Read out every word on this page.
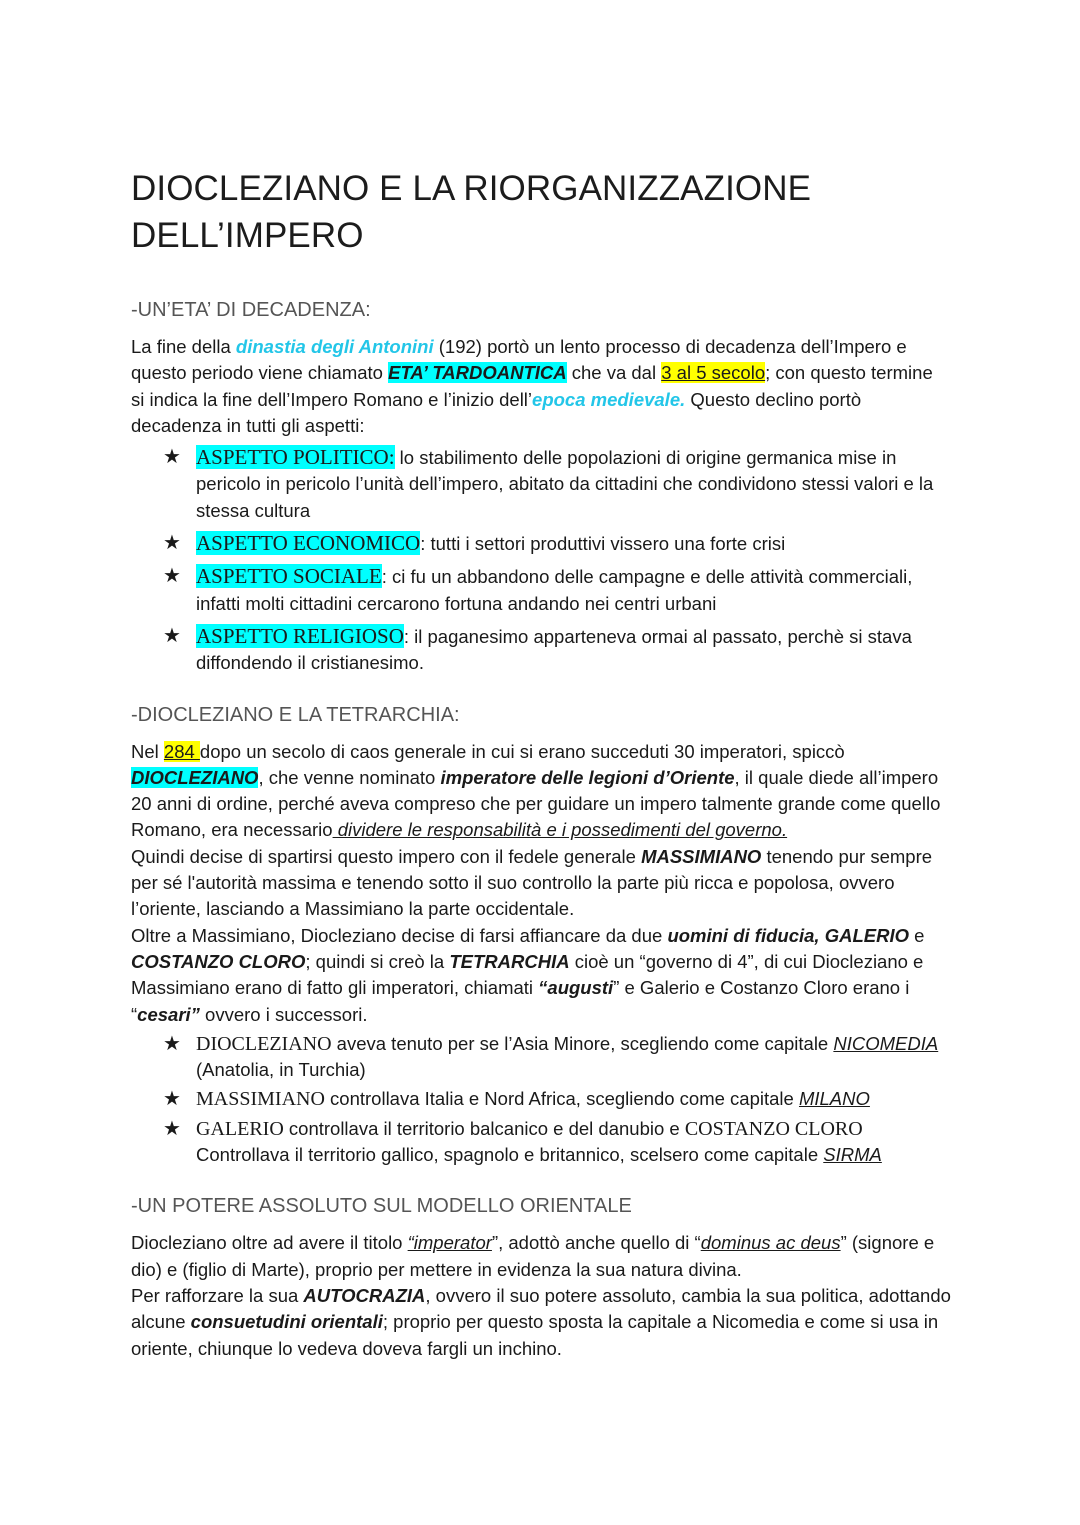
DIOCLEZIANO E LA RIORGANIZZAZIONE
DELL’IMPERO
-UN’ETA’ DI DECADENZA:

La fine della dinastia degli Antonini (192) portò un lento processo di decadenza dell’Impero e questo periodo viene chiamato ETA’ TARDOANTICA che va dal 3 al 5 secolo; con questo termine si indica la fine dell’Impero Romano e l’inizio dell’epoca medievale. Questo declino portò decadenza in tutti gli aspetti:

★ ASPETTO POLITICO: lo stabilimento delle popolazioni di origine germanica mise in pericolo in pericolo l’unità dell’impero, abitato da cittadini che condividono stessi valori e la stessa cultura
★ ASPETTO ECONOMICO: tutti i settori produttivi vissero una forte crisi
★ ASPETTO SOCIALE: ci fu un abbandono delle campagne e delle attività commerciali, infatti molti cittadini cercarono fortuna andando nei centri urbani
★ ASPETTO RELIGIOSO: il paganesimo apparteneva ormai al passato, perchè si stava diffondendo il cristianesimo.
-DIOCLEZIANO E LA TETRARCHIA:

Nel 284 dopo un secolo di caos generale in cui si erano succeduti 30 imperatori, spiccò DIOCLEZIANO, che venne nominato imperatore delle legioni d’Oriente, il quale diede all’impero 20 anni di ordine, perché aveva compreso che per guidare un impero talmente grande come quello Romano, era necessario dividere le responsabilità e i possedimenti del governo.

Quindi decise di spartirsi questo impero con il fedele generale MASSIMIANO tenendo pur sempre per sé l'autorità massima e tenendo sotto il suo controllo la parte più ricca e popolosa, ovvero l’oriente, lasciando a Massimiano la parte occidentale.

Oltre a Massimiano, Diocleziano decise di farsi affiancare da due uomini di fiducia, GALERIO e COSTANZO CLORO; quindi si creò la TETRARCHIA cioè un “governo di 4”, di cui Diocleziano e Massimiano erano di fatto gli imperatori, chiamati “augusti” e Galerio e Costanzo Cloro erano i “cesari” ovvero i successori.

★ DIOCLEZIANO aveva tenuto per se l’Asia Minore, scegliendo come capitale NICOMEDIA (Anatolia, in Turchia)
★ MASSIMIANO controllava Italia e Nord Africa, scegliendo come capitale MILANO
★ GALERIO controllava il territorio balcanico e del danubio e COSTANZO CLORO Controllava il territorio gallico, spagnolo e britannico, scelsero come capitale SIRMA
-UN POTERE ASSOLUTO SUL MODELLO ORIENTALE

Diocleziano oltre ad avere il titolo “imperator”, adottò anche quello di “dominus ac deus” (signore e dio) e (figlio di Marte), proprio per mettere in evidenza la sua natura divina.

Per rafforzare la sua AUTOCRAZIA, ovvero il suo potere assoluto, cambia la sua politica, adottando alcune consuetudini orientali; proprio per questo sposta la capitale a Nicomedia e come si usa in oriente, chiunque lo vedeva doveva fargli un inchino.
